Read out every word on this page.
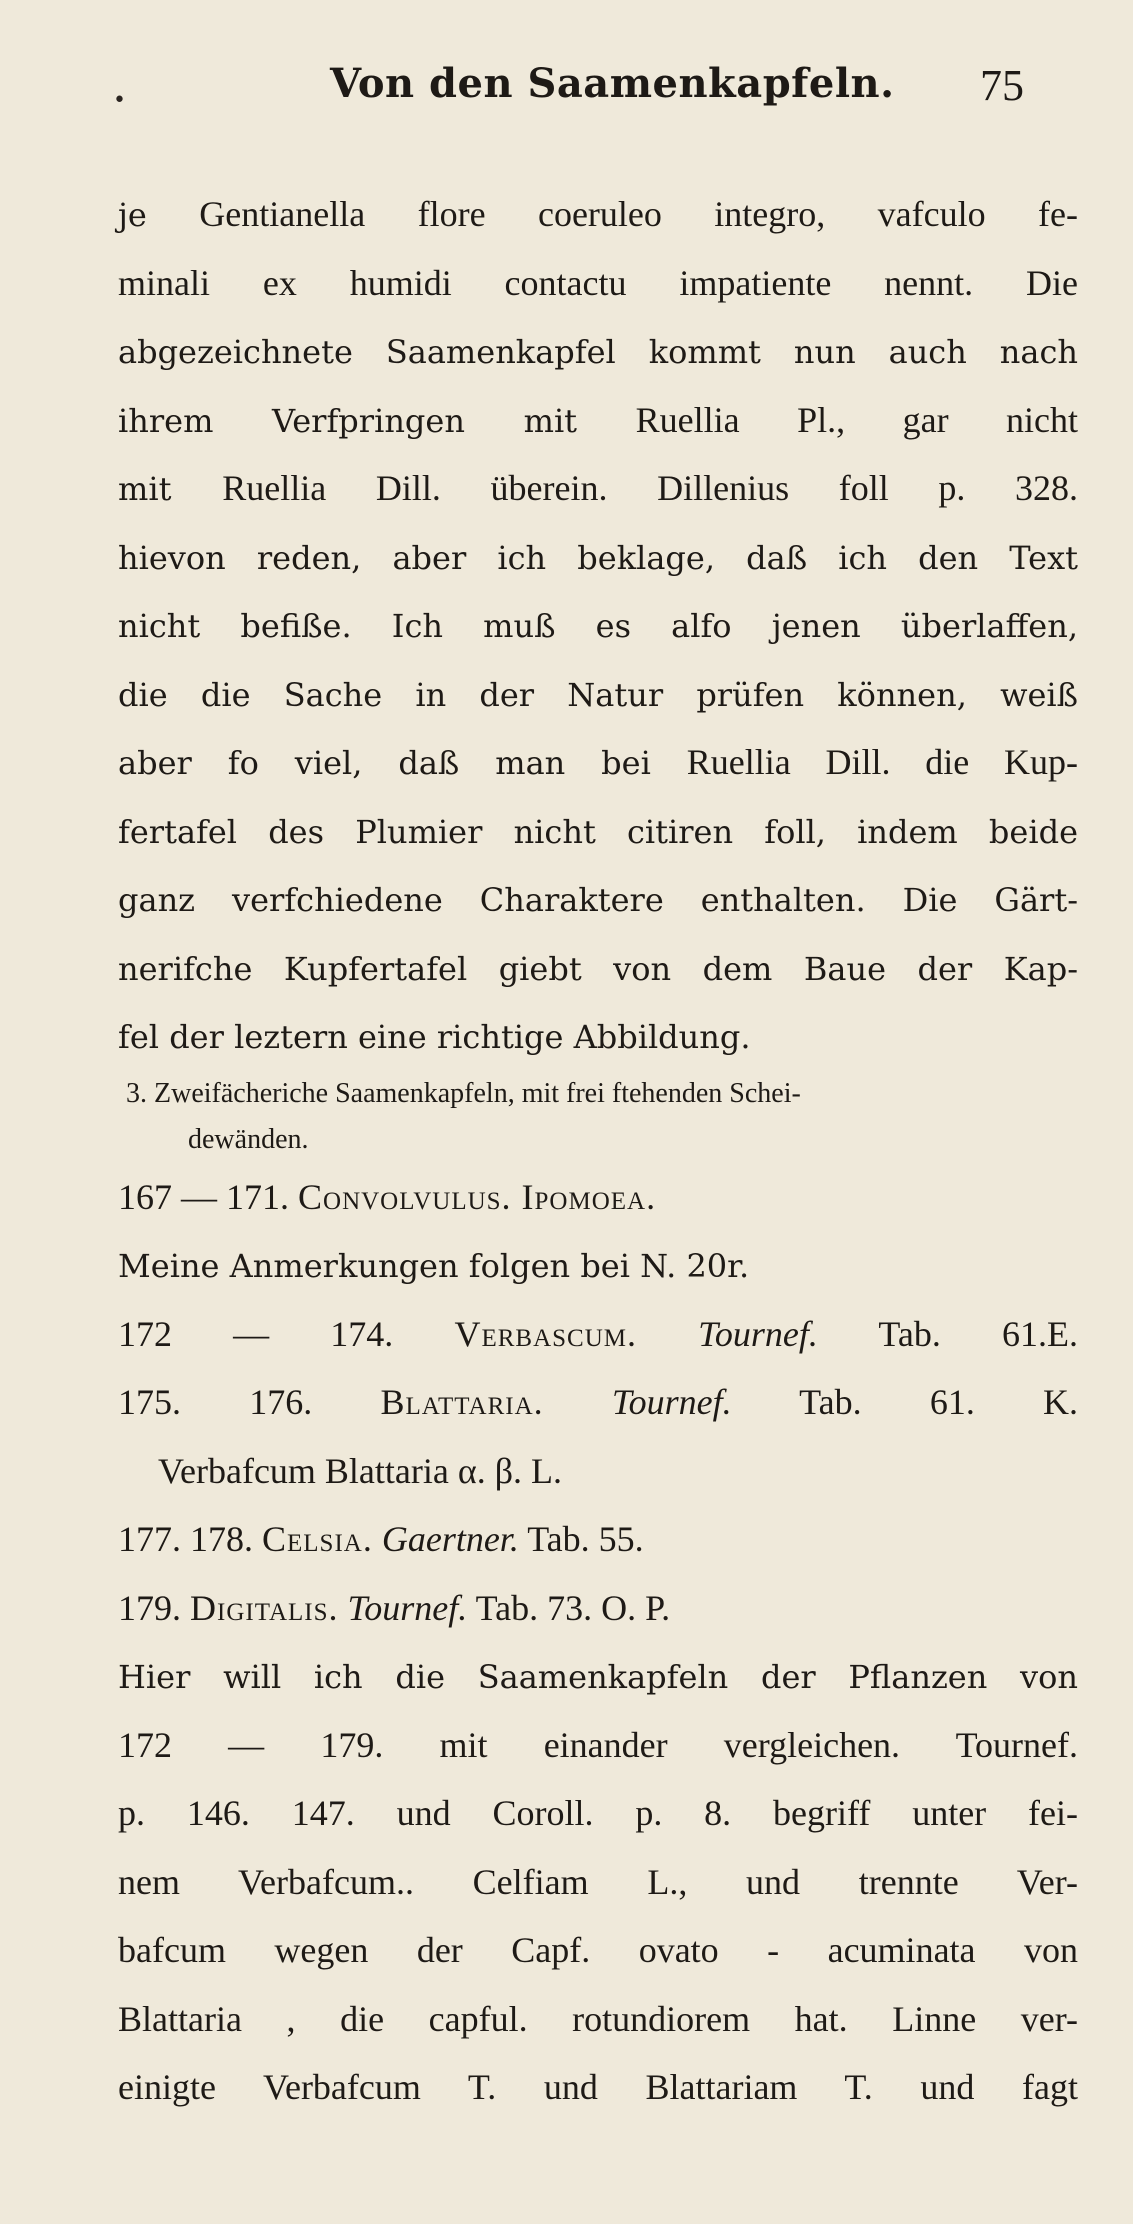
•	Von den Saamenkapfeln. 75
je Gentianella flore coeruleo integro, vafculo fe-
minali ex humidi contactu impatiente nennt. Die
abgezeichnete Saamenkapfel kommt nun auch nach
ihrem Verfpringen mit Ruellia Pl., gar nicht
mit Ruellia Dill. überein. Dillenius foll p. 328.
hievon reden, aber ich beklage, daß ich den Text
nicht befiße. Ich muß es alfo jenen überlaffen,
die die Sache in der Natur prüfen können, weiß
aber fo viel, daß man bei Ruellia Dill. die Kup-
fertafel des Plumier nicht citiren foll, indem beide
ganz verfchiedene Charaktere enthalten. Die Gärt-
nerifche Kupfertafel giebt von dem Baue der Kap-
fel der leztern eine richtige Abbildung.
3. Zweifächeriche Saamenkapfeln, mit frei ftehenden Schei-
dewänden.
167 — 171. Convolvulus. Ipomoea.
Meine Anmerkungen folgen bei N. 20r.
172 — 174. Verbascum. Tournef. Tab. 61.E.
175. 176. Blattaria. Tournef. Tab. 61. K.
Verbafcum Blattaria α. β. L.
177. 178. Celsia. Gaertner. Tab. 55.
179. Digitalis. Tournef. Tab. 73. O. P.
Hier will ich die Saamenkapfeln der Pflanzen von
172 — 179. mit einander vergleichen. Tournef.
p. 146. 147. und Coroll. p. 8. begriff unter fei-
nem Verbafcum.. Celfiam L., und trennte Ver-
bafcum wegen der Capf. ovato - acuminata von
Blattaria , die capful. rotundiorem hat. Linne ver-
einigte Verbafcum T. und Blattariam T. und fagt
